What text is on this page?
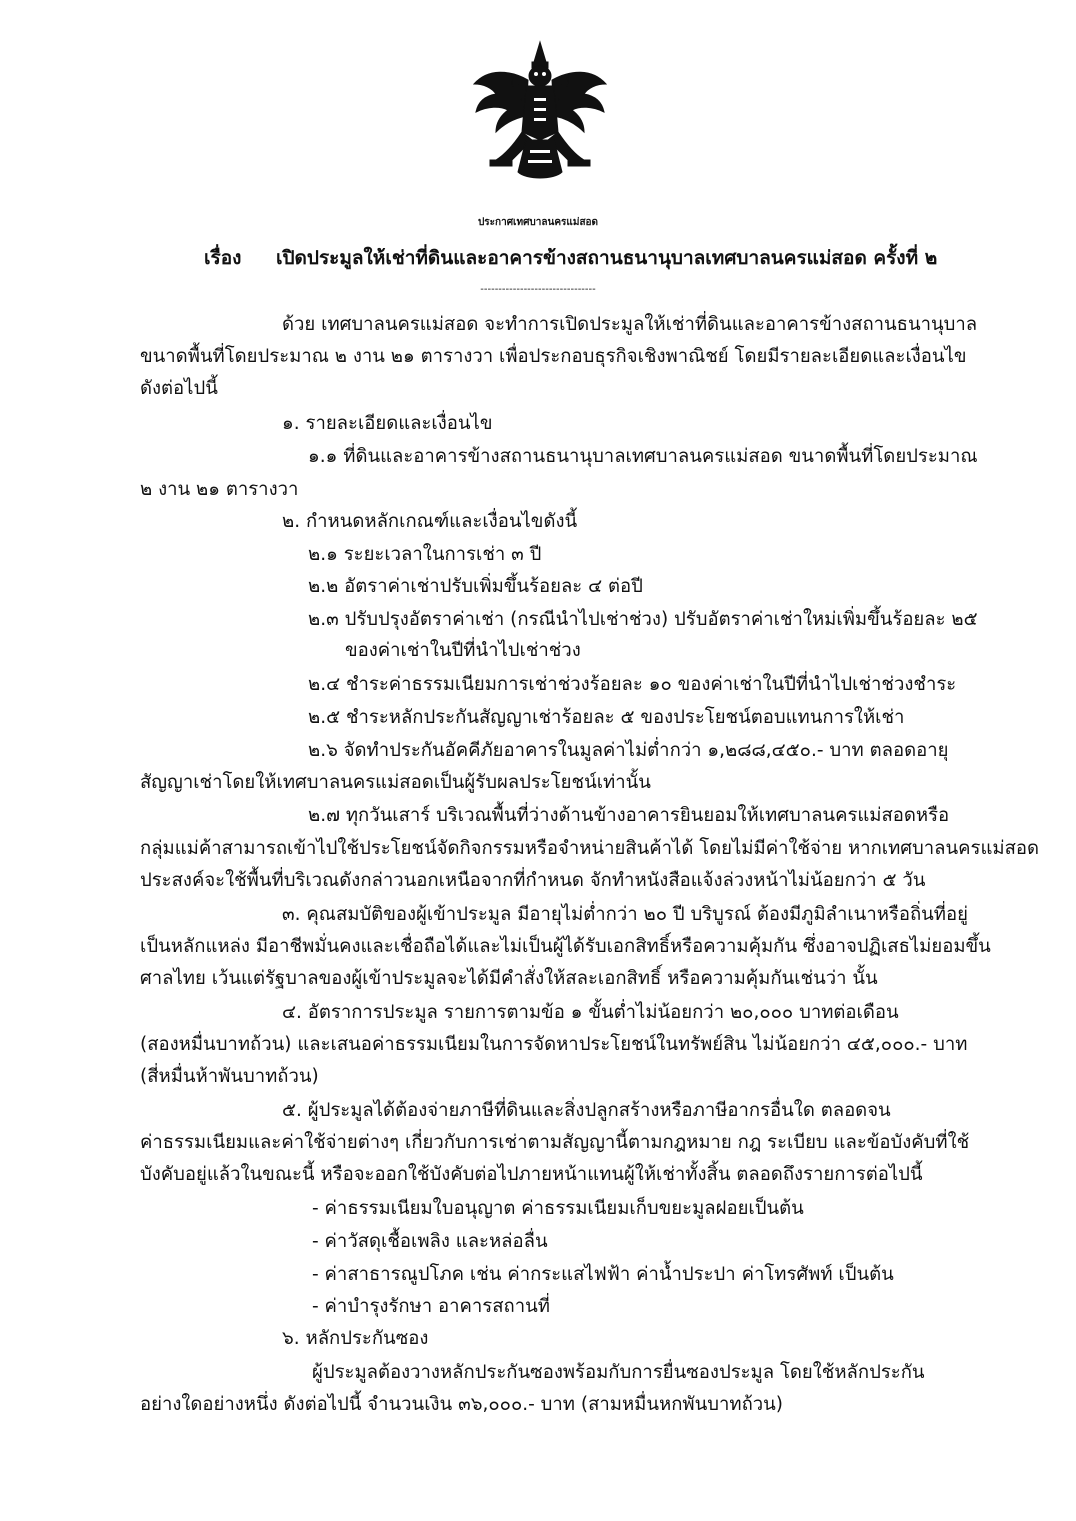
ประกาศเทศบาลนครแม่สอด
เรื่อง เปิดประมูลให้เช่าที่ดินและอาคารข้างสถานธนานุบาลเทศบาลนครแม่สอด ครั้งที่ ๒
--------------------------------
ด้วย เทศบาลนครแม่สอด จะทำการเปิดประมูลให้เช่าที่ดินและอาคารข้างสถานธนานุบาล
ขนาดพื้นที่โดยประมาณ ๒ งาน ๒๑ ตารางวา เพื่อประกอบธุรกิจเชิงพาณิชย์ โดยมีรายละเอียดและเงื่อนไข
ดังต่อไปนี้
๑. รายละเอียดและเงื่อนไข
๑.๑ ที่ดินและอาคารข้างสถานธนานุบาลเทศบาลนครแม่สอด ขนาดพื้นที่โดยประมาณ
๒ งาน ๒๑ ตารางวา
๒. กำหนดหลักเกณฑ์และเงื่อนไขดังนี้
๒.๑ ระยะเวลาในการเช่า ๓ ปี
๒.๒ อัตราค่าเช่าปรับเพิ่มขึ้นร้อยละ ๔ ต่อปี
๒.๓ ปรับปรุงอัตราค่าเช่า (กรณีนำไปเช่าช่วง) ปรับอัตราค่าเช่าใหม่เพิ่มขึ้นร้อยละ ๒๕
ของค่าเช่าในปีที่นำไปเช่าช่วง
๒.๔ ชำระค่าธรรมเนียมการเช่าช่วงร้อยละ ๑๐ ของค่าเช่าในปีที่นำไปเช่าช่วงชำระ
๒.๕ ชำระหลักประกันสัญญาเช่าร้อยละ ๕ ของประโยชน์ตอบแทนการให้เช่า
๒.๖ จัดทำประกันอัคคีภัยอาคารในมูลค่าไม่ต่ำกว่า ๑,๒๘๘,๔๕๐.- บาท ตลอดอายุ
สัญญาเช่าโดยให้เทศบาลนครแม่สอดเป็นผู้รับผลประโยชน์เท่านั้น
๒.๗ ทุกวันเสาร์ บริเวณพื้นที่ว่างด้านข้างอาคารยินยอมให้เทศบาลนครแม่สอดหรือ
กลุ่มแม่ค้าสามารถเข้าไปใช้ประโยชน์จัดกิจกรรมหรือจำหน่ายสินค้าได้ โดยไม่มีค่าใช้จ่าย หากเทศบาลนครแม่สอด
ประสงค์จะใช้พื้นที่บริเวณดังกล่าวนอกเหนือจากที่กำหนด จักทำหนังสือแจ้งล่วงหน้าไม่น้อยกว่า ๕ วัน
๓. คุณสมบัติของผู้เข้าประมูล มีอายุไม่ต่ำกว่า ๒๐ ปี บริบูรณ์ ต้องมีภูมิลำเนาหรือถิ่นที่อยู่
เป็นหลักแหล่ง มีอาชีพมั่นคงและเชื่อถือได้และไม่เป็นผู้ได้รับเอกสิทธิ์หรือความคุ้มกัน ซึ่งอาจปฏิเสธไม่ยอมขึ้น
ศาลไทย เว้นแต่รัฐบาลของผู้เข้าประมูลจะได้มีคำสั่งให้สละเอกสิทธิ์ หรือความคุ้มกันเช่นว่า นั้น
๔. อัตราการประมูล รายการตามข้อ ๑ ขั้นต่ำไม่น้อยกว่า ๒๐,๐๐๐ บาทต่อเดือน
(สองหมื่นบาทถ้วน) และเสนอค่าธรรมเนียมในการจัดหาประโยชน์ในทรัพย์สิน ไม่น้อยกว่า ๔๕,๐๐๐.- บาท
(สี่หมื่นห้าพันบาทถ้วน)
๕. ผู้ประมูลได้ต้องจ่ายภาษีที่ดินและสิ่งปลูกสร้างหรือภาษีอากรอื่นใด ตลอดจน
ค่าธรรมเนียมและค่าใช้จ่ายต่างๆ เกี่ยวกับการเช่าตามสัญญานี้ตามกฎหมาย กฎ ระเบียบ และข้อบังคับที่ใช้
บังคับอยู่แล้วในขณะนี้ หรือจะออกใช้บังคับต่อไปภายหน้าแทนผู้ให้เช่าทั้งสิ้น ตลอดถึงรายการต่อไปนี้
- ค่าธรรมเนียมใบอนุญาต ค่าธรรมเนียมเก็บขยะมูลฝอยเป็นต้น
- ค่าวัสดุเชื้อเพลิง และหล่อลื่น
- ค่าสาธารณูปโภค เช่น ค่ากระแสไฟฟ้า ค่าน้ำประปา ค่าโทรศัพท์ เป็นต้น
- ค่าบำรุงรักษา อาคารสถานที่
๖. หลักประกันซอง
ผู้ประมูลต้องวางหลักประกันซองพร้อมกับการยื่นซองประมูล โดยใช้หลักประกัน
อย่างใดอย่างหนึ่ง ดังต่อไปนี้ จำนวนเงิน ๓๖,๐๐๐.- บาท (สามหมื่นหกพันบาทถ้วน)
